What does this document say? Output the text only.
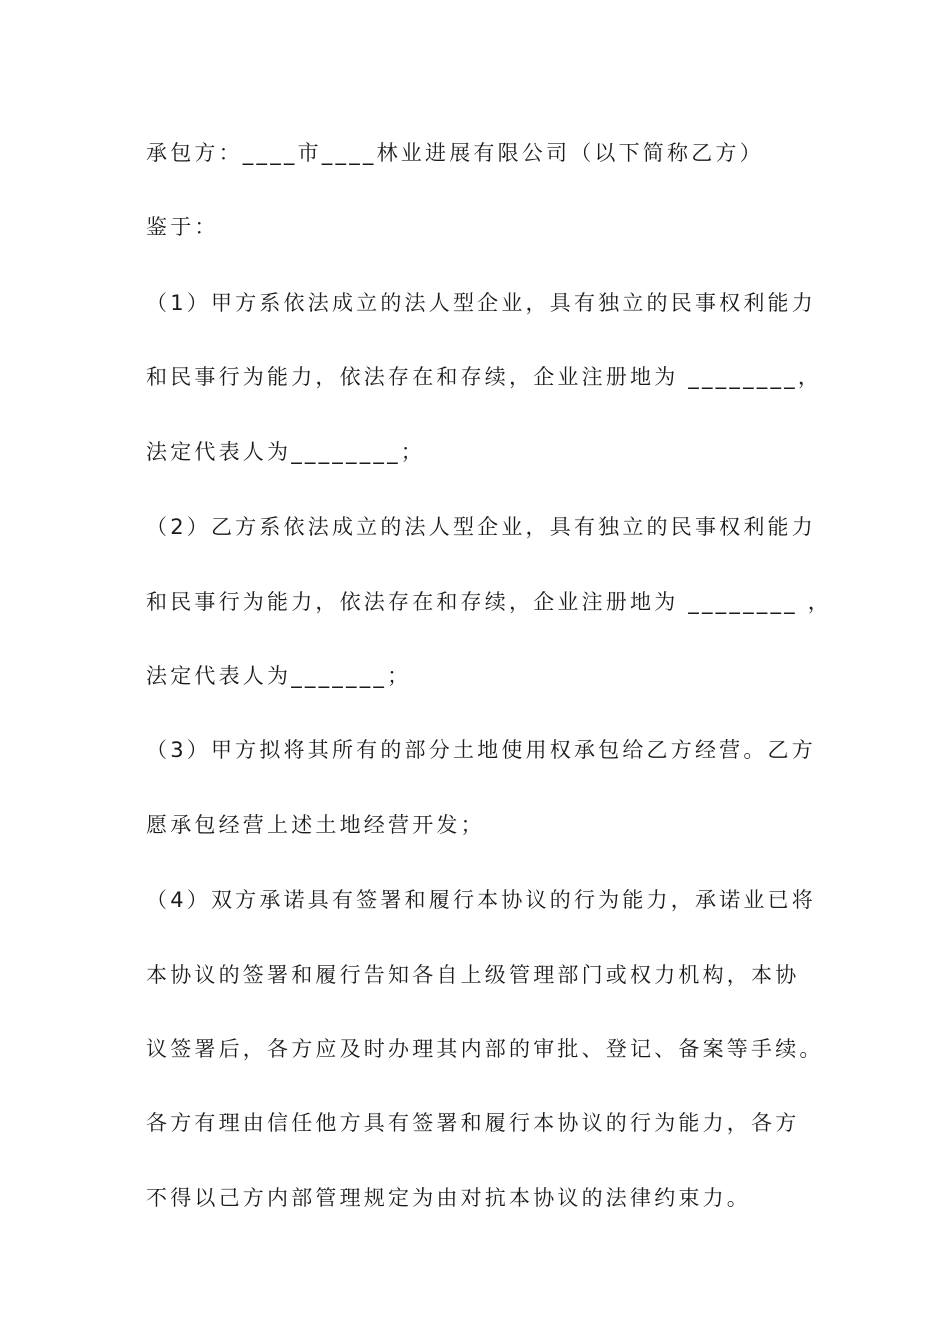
承包方：____市____林业进展有限公司（以下简称乙方）

鉴于：

（1）甲方系依法成立的法人型企业，具有独立的民事权利能力

和民事行为能力，依法存在和存续，企业注册地为 ________，

法定代表人为________；

（2）乙方系依法成立的法人型企业，具有独立的民事权利能力

和民事行为能力，依法存在和存续，企业注册地为 ________ ，

法定代表人为_______；

（3）甲方拟将其所有的部分土地使用权承包给乙方经营。乙方

愿承包经营上述土地经营开发；

（4）双方承诺具有签署和履行本协议的行为能力，承诺业已将

本协议的签署和履行告知各自上级管理部门或权力机构，本协

议签署后，各方应及时办理其内部的审批、登记、备案等手续。

各方有理由信任他方具有签署和履行本协议的行为能力，各方

不得以己方内部管理规定为由对抗本协议的法律约束力。
